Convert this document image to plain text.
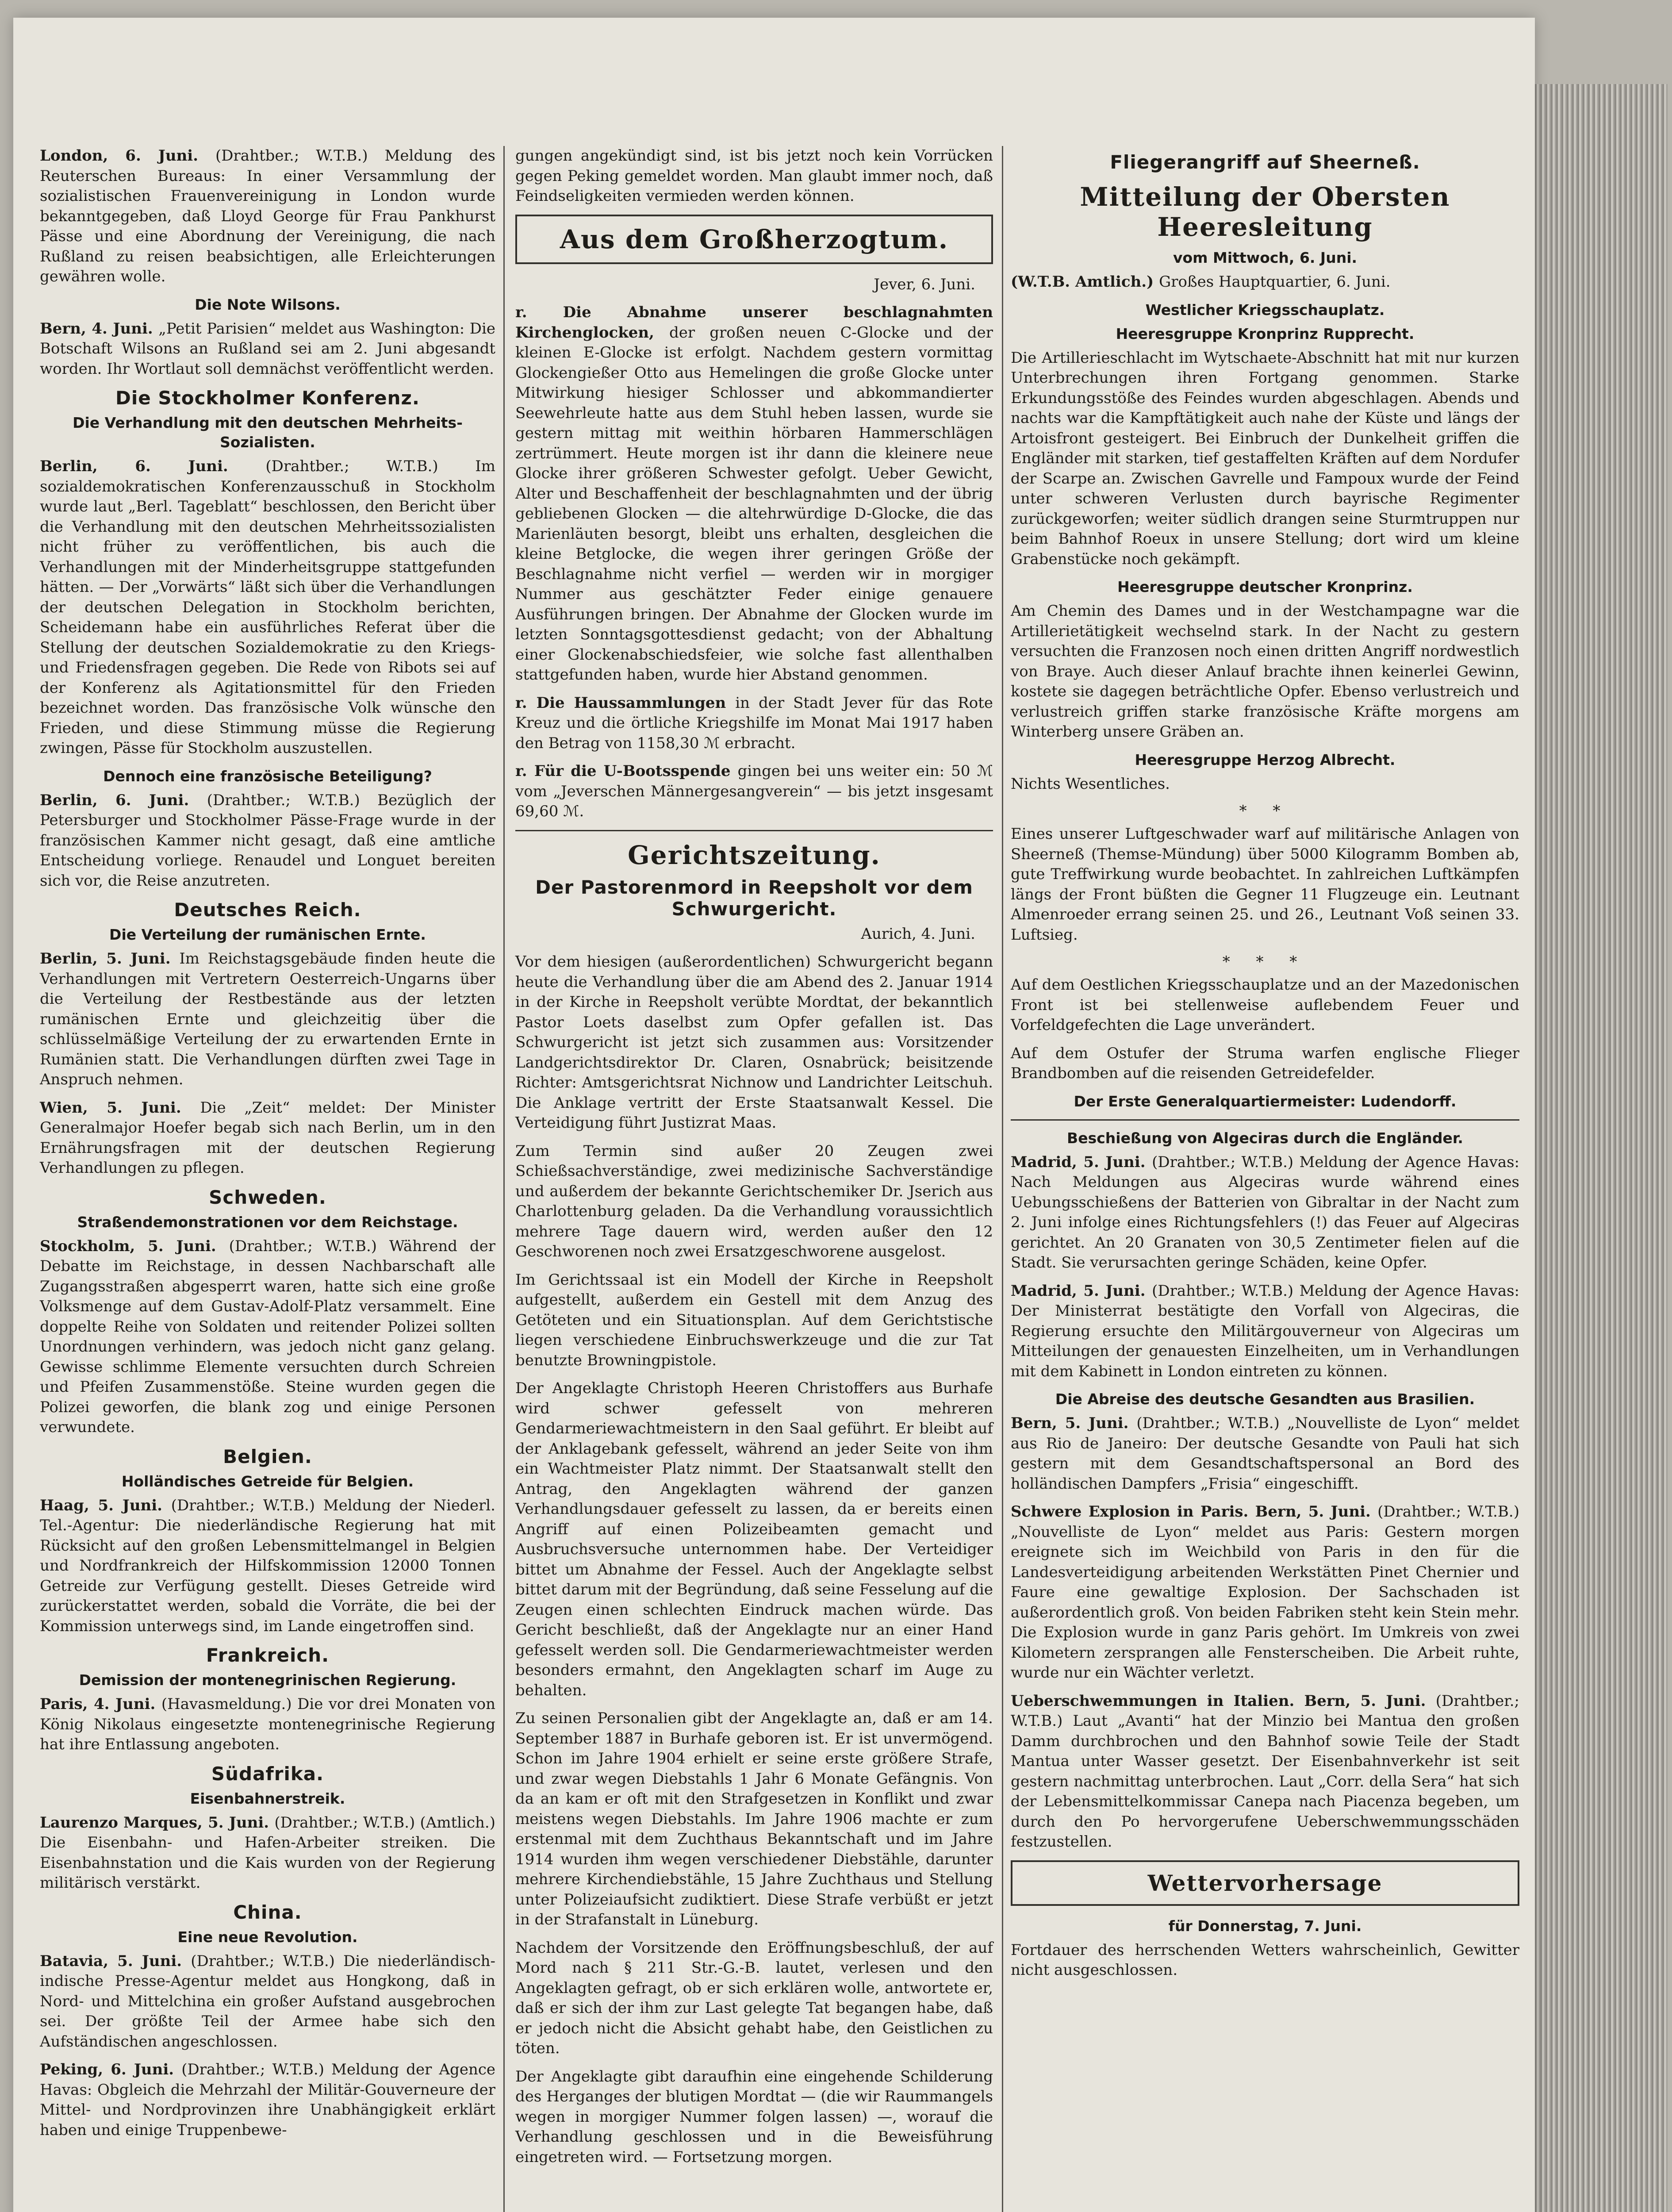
London, 6. Juni. (Drahtber.; W.T.B.) Meldung des Reuterschen Bureaus: In einer Versammlung der sozialistischen Frauenvereinigung in London wurde bekanntgegeben, daß Lloyd George für Frau Pankhurst Pässe und eine Abordnung der Vereinigung, die nach Rußland zu reisen beabsichtigen, alle Erleichterungen gewähren wolle.

Die Note Wilsons.

Bern, 4. Juni. „Petit Parisien“ meldet aus Washington: Die Botschaft Wilsons an Rußland sei am 2. Juni abgesandt worden. Ihr Wortlaut soll demnächst veröffentlicht werden.

Die Stockholmer Konferenz.
Die Verhandlung mit den deutschen Mehrheits-Sozialisten.

Berlin, 6. Juni. (Drahtber.; W.T.B.) Im sozialdemokratischen Konferenzausschuß in Stockholm wurde laut „Berl. Tageblatt“ beschlossen, den Bericht über die Verhandlung mit den deutschen Mehrheitssozialisten nicht früher zu veröffentlichen, bis auch die Verhandlungen mit der Minderheitsgruppe stattgefunden hätten. — Der „Vorwärts“ läßt sich über die Verhandlungen der deutschen Delegation in Stockholm berichten, Scheidemann habe ein ausführliches Referat über die Stellung der deutschen Sozialdemokratie zu den Kriegs- und Friedensfragen gegeben. Die Rede von Ribots sei auf der Konferenz als Agitationsmittel für den Frieden bezeichnet worden. Das französische Volk wünsche den Frieden, und diese Stimmung müsse die Regierung zwingen, Pässe für Stockholm auszustellen.

Dennoch eine französische Beteiligung?

Berlin, 6. Juni. (Drahtber.; W.T.B.) Bezüglich der Petersburger und Stockholmer Pässe-Frage wurde in der französischen Kammer nicht gesagt, daß eine amtliche Entscheidung vorliege. Renaudel und Longuet bereiten sich vor, die Reise anzutreten.

Deutsches Reich.
Die Verteilung der rumänischen Ernte.

Berlin, 5. Juni. Im Reichstagsgebäude finden heute die Verhandlungen mit Vertretern Oesterreich-Ungarns über die Verteilung der Restbestände aus der letzten rumänischen Ernte und gleichzeitig über die schlüsselmäßige Verteilung der zu erwartenden Ernte in Rumänien statt. Die Verhandlungen dürften zwei Tage in Anspruch nehmen.

Wien, 5. Juni. Die „Zeit“ meldet: Der Minister Generalmajor Hoefer begab sich nach Berlin, um in den Ernährungsfragen mit der deutschen Regierung Verhandlungen zu pflegen.

Schweden.
Straßendemonstrationen vor dem Reichstage.

Stockholm, 5. Juni. (Drahtber.; W.T.B.) Während der Debatte im Reichstage, in dessen Nachbarschaft alle Zugangsstraßen abgesperrt waren, hatte sich eine große Volksmenge auf dem Gustav-Adolf-Platz versammelt. Eine doppelte Reihe von Soldaten und reitender Polizei sollten Unordnungen verhindern, was jedoch nicht ganz gelang. Gewisse schlimme Elemente versuchten durch Schreien und Pfeifen Zusammenstöße. Steine wurden gegen die Polizei geworfen, die blank zog und einige Personen verwundete.

Belgien.
Holländisches Getreide für Belgien.

Haag, 5. Juni. (Drahtber.; W.T.B.) Meldung der Niederl. Tel.-Agentur: Die niederländische Regierung hat mit Rücksicht auf den großen Lebensmittelmangel in Belgien und Nordfrankreich der Hilfskommission 12000 Tonnen Getreide zur Verfügung gestellt. Dieses Getreide wird zurückerstattet werden, sobald die Vorräte, die bei der Kommission unterwegs sind, im Lande eingetroffen sind.

Frankreich.
Demission der montenegrinischen Regierung.

Paris, 4. Juni. (Havasmeldung.) Die vor drei Monaten von König Nikolaus eingesetzte montenegrinische Regierung hat ihre Entlassung angeboten.

Südafrika.
Eisenbahnerstreik.

Laurenzo Marques, 5. Juni. (Drahtber.; W.T.B.) (Amtlich.) Die Eisenbahn- und Hafen-Arbeiter streiken. Die Eisenbahnstation und die Kais wurden von der Regierung militärisch verstärkt.

China.
Eine neue Revolution.

Batavia, 5. Juni. (Drahtber.; W.T.B.) Die niederländisch-indische Presse-Agentur meldet aus Hongkong, daß in Nord- und Mittelchina ein großer Aufstand ausgebrochen sei. Der größte Teil der Armee habe sich den Aufständischen angeschlossen.

Peking, 6. Juni. (Drahtber.; W.T.B.) Meldung der Agence Havas: Obgleich die Mehrzahl der Militär-Gouverneure der Mittel- und Nordprovinzen ihre Unabhängigkeit erklärt haben und einige Truppenbewe-

gungen angekündigt sind, ist bis jetzt noch kein Vorrücken gegen Peking gemeldet worden. Man glaubt immer noch, daß Feindseligkeiten vermieden werden können.

Aus dem Großherzogtum.

Jever, 6. Juni.

r. Die Abnahme unserer beschlagnahmten Kirchenglocken, der großen neuen C-Glocke und der kleinen E-Glocke ist erfolgt. Nachdem gestern vormittag Glockengießer Otto aus Hemelingen die große Glocke unter Mitwirkung hiesiger Schlosser und abkommandierter Seewehrleute hatte aus dem Stuhl heben lassen, wurde sie gestern mittag mit weithin hörbaren Hammerschlägen zertrümmert. Heute morgen ist ihr dann die kleinere neue Glocke ihrer größeren Schwester gefolgt. Ueber Gewicht, Alter und Beschaffenheit der beschlagnahmten und der übrig gebliebenen Glocken — die altehrwürdige D-Glocke, die das Marienläuten besorgt, bleibt uns erhalten, desgleichen die kleine Betglocke, die wegen ihrer geringen Größe der Beschlagnahme nicht verfiel — werden wir in morgiger Nummer aus geschätzter Feder einige genauere Ausführungen bringen. Der Abnahme der Glocken wurde im letzten Sonntagsgottesdienst gedacht; von der Abhaltung einer Glockenabschiedsfeier, wie solche fast allenthalben stattgefunden haben, wurde hier Abstand genommen.

r. Die Haussammlungen in der Stadt Jever für das Rote Kreuz und die örtliche Kriegshilfe im Monat Mai 1917 haben den Betrag von 1158,30 ℳ erbracht.

r. Für die U-Bootsspende gingen bei uns weiter ein: 50 ℳ vom „Jeverschen Männergesangverein“ — bis jetzt insgesamt 69,60 ℳ.

Gerichtszeitung.
Der Pastorenmord in Reepsholt vor dem Schwurgericht.

Aurich, 4. Juni.

Vor dem hiesigen (außerordentlichen) Schwurgericht begann heute die Verhandlung über die am Abend des 2. Januar 1914 in der Kirche in Reepsholt verübte Mordtat, der bekanntlich Pastor Loets daselbst zum Opfer gefallen ist. Das Schwurgericht ist jetzt sich zusammen aus: Vorsitzender Landgerichtsdirektor Dr. Claren, Osnabrück; beisitzende Richter: Amtsgerichtsrat Nichnow und Landrichter Leitschuh. Die Anklage vertritt der Erste Staatsanwalt Kessel. Die Verteidigung führt Justizrat Maas.

Zum Termin sind außer 20 Zeugen zwei Schießsachverständige, zwei medizinische Sachverständige und außerdem der bekannte Gerichtschemiker Dr. Jserich aus Charlottenburg geladen. Da die Verhandlung voraussichtlich mehrere Tage dauern wird, werden außer den 12 Geschworenen noch zwei Ersatzgeschworene ausgelost.

Im Gerichtssaal ist ein Modell der Kirche in Reepsholt aufgestellt, außerdem ein Gestell mit dem Anzug des Getöteten und ein Situationsplan. Auf dem Gerichtstische liegen verschiedene Einbruchswerkzeuge und die zur Tat benutzte Browningpistole.

Der Angeklagte Christoph Heeren Christoffers aus Burhafe wird schwer gefesselt von mehreren Gendarmeriewachtmeistern in den Saal geführt. Er bleibt auf der Anklagebank gefesselt, während an jeder Seite von ihm ein Wachtmeister Platz nimmt. Der Staatsanwalt stellt den Antrag, den Angeklagten während der ganzen Verhandlungsdauer gefesselt zu lassen, da er bereits einen Angriff auf einen Polizeibeamten gemacht und Ausbruchsversuche unternommen habe. Der Verteidiger bittet um Abnahme der Fessel. Auch der Angeklagte selbst bittet darum mit der Begründung, daß seine Fesselung auf die Zeugen einen schlechten Eindruck machen würde. Das Gericht beschließt, daß der Angeklagte nur an einer Hand gefesselt werden soll. Die Gendarmeriewachtmeister werden besonders ermahnt, den Angeklagten scharf im Auge zu behalten.

Zu seinen Personalien gibt der Angeklagte an, daß er am 14. September 1887 in Burhafe geboren ist. Er ist unvermögend. Schon im Jahre 1904 erhielt er seine erste größere Strafe, und zwar wegen Diebstahls 1 Jahr 6 Monate Gefängnis. Von da an kam er oft mit den Strafgesetzen in Konflikt und zwar meistens wegen Diebstahls. Im Jahre 1906 machte er zum erstenmal mit dem Zuchthaus Bekanntschaft und im Jahre 1914 wurden ihm wegen verschiedener Diebstähle, darunter mehrere Kirchendiebstähle, 15 Jahre Zuchthaus und Stellung unter Polizeiaufsicht zudiktiert. Diese Strafe verbüßt er jetzt in der Strafanstalt in Lüneburg.

Nachdem der Vorsitzende den Eröffnungsbeschluß, der auf Mord nach § 211 Str.-G.-B. lautet, verlesen und den Angeklagten gefragt, ob er sich erklären wolle, antwortete er, daß er sich der ihm zur Last gelegte Tat begangen habe, daß er jedoch nicht die Absicht gehabt habe, den Geistlichen zu töten.

Der Angeklagte gibt daraufhin eine eingehende Schilderung des Herganges der blutigen Mordtat — (die wir Raummangels wegen in morgiger Nummer folgen lassen) —, worauf die Verhandlung geschlossen und in die Beweisführung eingetreten wird. — Fortsetzung morgen.

Fliegerangriff auf Sheerneß.
Mitteilung der Obersten Heeresleitung
vom Mittwoch, 6. Juni.

(W.T.B. Amtlich.) Großes Hauptquartier, 6. Juni.

Westlicher Kriegsschauplatz.
Heeresgruppe Kronprinz Rupprecht.

Die Artillerieschlacht im Wytschaete-Abschnitt hat mit nur kurzen Unterbrechungen ihren Fortgang genommen. Starke Erkundungsstöße des Feindes wurden abgeschlagen. Abends und nachts war die Kampftätigkeit auch nahe der Küste und längs der Artoisfront gesteigert. Bei Einbruch der Dunkelheit griffen die Engländer mit starken, tief gestaffelten Kräften auf dem Nordufer der Scarpe an. Zwischen Gavrelle und Fampoux wurde der Feind unter schweren Verlusten durch bayrische Regimenter zurückgeworfen; weiter südlich drangen seine Sturmtruppen nur beim Bahnhof Roeux in unsere Stellung; dort wird um kleine Grabenstücke noch gekämpft.

Heeresgruppe deutscher Kronprinz.

Am Chemin des Dames und in der Westchampagne war die Artillerietätigkeit wechselnd stark. In der Nacht zu gestern versuchten die Franzosen noch einen dritten Angriff nordwestlich von Braye. Auch dieser Anlauf brachte ihnen keinerlei Gewinn, kostete sie dagegen beträchtliche Opfer. Ebenso verlustreich und verlustreich griffen starke französische Kräfte morgens am Winterberg unsere Gräben an.

Heeresgruppe Herzog Albrecht.

Nichts Wesentliches.

* *

Eines unserer Luftgeschwader warf auf militärische Anlagen von Sheerneß (Themse-Mündung) über 5000 Kilogramm Bomben ab, gute Treffwirkung wurde beobachtet. In zahlreichen Luftkämpfen längs der Front büßten die Gegner 11 Flugzeuge ein. Leutnant Almenroeder errang seinen 25. und 26., Leutnant Voß seinen 33. Luftsieg.

* * *

Auf dem Oestlichen Kriegsschauplatze und an der Mazedonischen Front ist bei stellenweise auflebendem Feuer und Vorfeldgefechten die Lage unverändert.

Auf dem Ostufer der Struma warfen englische Flieger Brandbomben auf die reisenden Getreidefelder.

Der Erste Generalquartiermeister: Ludendorff.
Beschießung von Algeciras durch die Engländer.

Madrid, 5. Juni. (Drahtber.; W.T.B.) Meldung der Agence Havas: Nach Meldungen aus Algeciras wurde während eines Uebungsschießens der Batterien von Gibraltar in der Nacht zum 2. Juni infolge eines Richtungsfehlers (!) das Feuer auf Algeciras gerichtet. An 20 Granaten von 30,5 Zentimeter fielen auf die Stadt. Sie verursachten geringe Schäden, keine Opfer.

Madrid, 5. Juni. (Drahtber.; W.T.B.) Meldung der Agence Havas: Der Ministerrat bestätigte den Vorfall von Algeciras, die Regierung ersuchte den Militärgouverneur von Algeciras um Mitteilungen der genauesten Einzelheiten, um in Verhandlungen mit dem Kabinett in London eintreten zu können.

Die Abreise des deutsche Gesandten aus Brasilien.

Bern, 5. Juni. (Drahtber.; W.T.B.) „Nouvelliste de Lyon“ meldet aus Rio de Janeiro: Der deutsche Gesandte von Pauli hat sich gestern mit dem Gesandtschaftspersonal an Bord des holländischen Dampfers „Frisia“ eingeschifft.

Schwere Explosion in Paris. Bern, 5. Juni. (Drahtber.; W.T.B.) „Nouvelliste de Lyon“ meldet aus Paris: Gestern morgen ereignete sich im Weichbild von Paris in den für die Landesverteidigung arbeitenden Werkstätten Pinet Chernier und Faure eine gewaltige Explosion. Der Sachschaden ist außerordentlich groß. Von beiden Fabriken steht kein Stein mehr. Die Explosion wurde in ganz Paris gehört. Im Umkreis von zwei Kilometern zersprangen alle Fensterscheiben. Die Arbeit ruhte, wurde nur ein Wächter verletzt.

Ueberschwemmungen in Italien. Bern, 5. Juni. (Drahtber.; W.T.B.) Laut „Avanti“ hat der Minzio bei Mantua den großen Damm durchbrochen und den Bahnhof sowie Teile der Stadt Mantua unter Wasser gesetzt. Der Eisenbahnverkehr ist seit gestern nachmittag unterbrochen. Laut „Corr. della Sera“ hat sich der Lebensmittelkommissar Canepa nach Piacenza begeben, um durch den Po hervorgerufene Ueberschwemmungsschäden festzustellen.

Wettervorhersage
für Donnerstag, 7. Juni.

Fortdauer des herrschenden Wetters wahrscheinlich, Gewitter nicht ausgeschlossen.
